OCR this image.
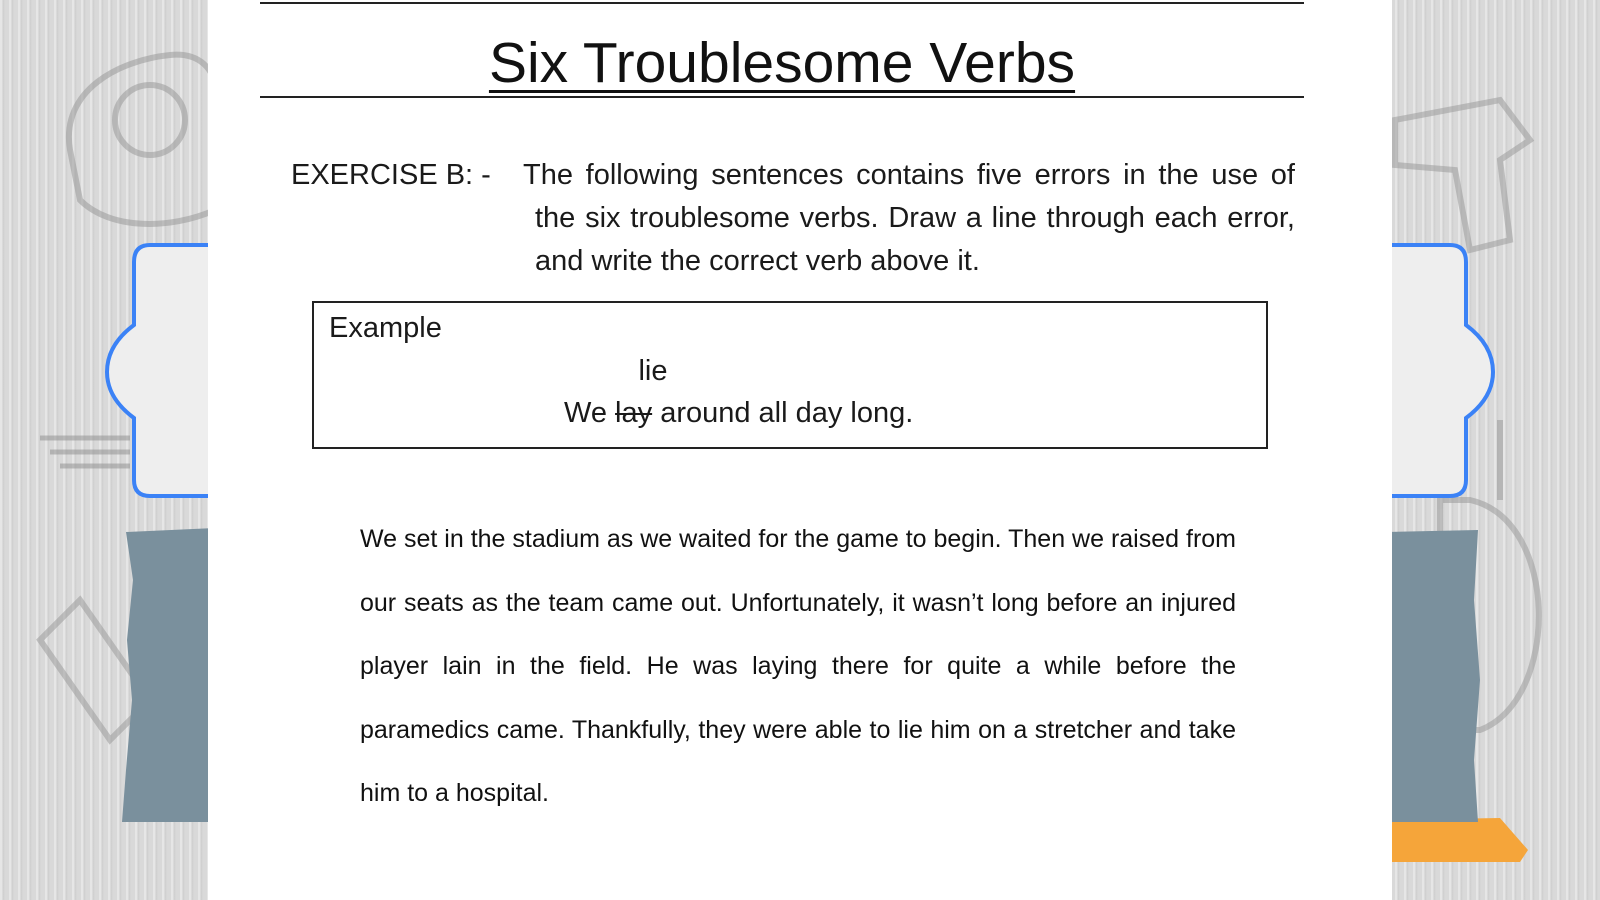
Six Troublesome Verbs
EXERCISE B: - The following sentences contains five errors in the use of the six troublesome verbs. Draw a line through each error, and write the correct verb above it.
Example
lie
We lay around all day long.

We set in the stadium as we waited for the game to begin. Then we raised from our seats as the team came out. Unfortunately, it wasn’t long before an injured player lain in the field. He was laying there for quite a while before the paramedics came. Thankfully, they were able to lie him on a stretcher and take him to a hospital.
